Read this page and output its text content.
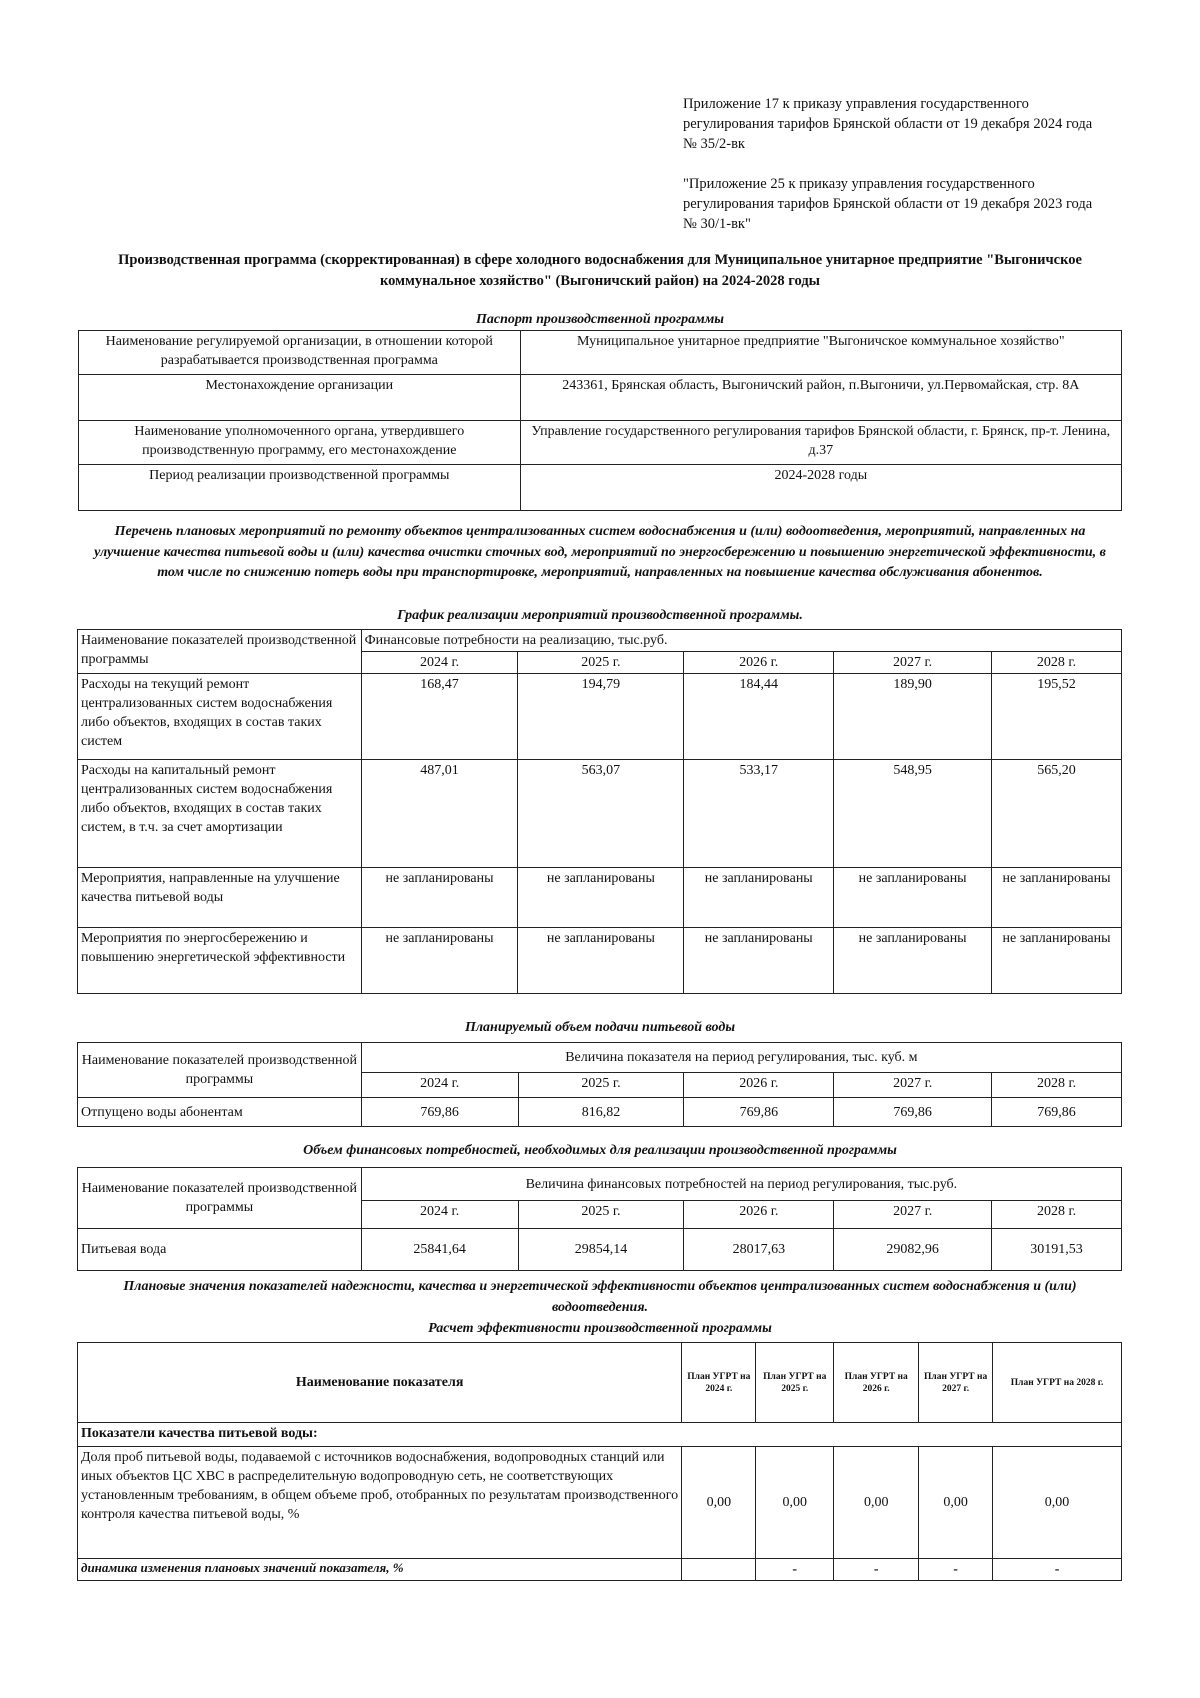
Приложение 17 к приказу управления государственного регулирования тарифов Брянской области от 19 декабря 2024 года № 35/2-вк
"Приложение 25 к приказу управления государственного регулирования тарифов Брянской области от 19 декабря 2023 года № 30/1-вк"
Производственная программа (скорректированная) в сфере холодного водоснабжения для Муниципальное унитарное предприятие "Выгоничское коммунальное хозяйство" (Выгоничский район) на 2024-2028 годы
Паспорт производственной программы
Наименование регулируемой организации, в отношении которой разрабатывается производственная программа	Муниципальное унитарное предприятие "Выгоничское коммунальное хозяйство"
Местонахождение организации	243361, Брянская область, Выгоничский район, п.Выгоничи, ул.Первомайская, стр. 8А
Наименование уполномоченного органа, утвердившего производственную программу, его местонахождение	Управление государственного регулирования тарифов Брянской области, г. Брянск, пр-т. Ленина, д.37
Период реализации производственной программы	2024-2028 годы
Перечень плановых мероприятий по ремонту объектов централизованных систем водоснабжения и (или) водоотведения, мероприятий, направленных на улучшение качества питьевой воды и (или) качества очистки сточных вод, мероприятий по энергосбережению и повышению энергетической эффективности, в том числе по снижению потерь воды при транспортировке, мероприятий, направленных на повышение качества обслуживания абонентов.
График реализации мероприятий производственной программы.
Наименование показателей производственной программы	Финансовые потребности на реализацию, тыс.руб.				
	2024 г.	2025 г.	2026 г.	2027 г.	2028 г.
Расходы на текущий ремонт централизованных систем водоснабжения либо объектов, входящих в состав таких систем	168,47	194,79	184,44	189,90	195,52
Расходы на капитальный ремонт централизованных систем водоснабжения либо объектов, входящих в состав таких систем, в т.ч. за счет амортизации	487,01	563,07	533,17	548,95	565,20
Мероприятия, направленные на улучшение качества питьевой воды	не запланированы	не запланированы	не запланированы	не запланированы	не запланированы
Мероприятия по энергосбережению и повышению энергетической эффективности	не запланированы	не запланированы	не запланированы	не запланированы	не запланированы
Планируемый объем подачи питьевой воды
Наименование показателей производственной программы	Величина показателя на период регулирования, тыс. куб. м				
	2024 г.	2025 г.	2026 г.	2027 г.	2028 г.
Отпущено воды абонентам	769,86	816,82	769,86	769,86	769,86
Объем финансовых потребностей, необходимых для реализации производственной программы
Наименование показателей производственной программы	Величина финансовых потребностей на период регулирования, тыс.руб.				
	2024 г.	2025 г.	2026 г.	2027 г.	2028 г.
Питьевая вода	25841,64	29854,14	28017,63	29082,96	30191,53
Плановые значения показателей надежности, качества и энергетической эффективности объектов централизованных систем водоснабжения и (или) водоотведения.
Расчет эффективности производственной программы
Наименование показателя	План УГРТ на 2024 г.	План УГРТ на 2025 г.	План УГРТ на 2026 г.	План УГРТ на 2027 г.	План УГРТ на 2028 г.
Показатели качества питьевой воды:					
Доля проб питьевой воды, подаваемой с источников водоснабжения, водопроводных станций или иных объектов ЦС ХВС в распределительную водопроводную сеть, не соответствующих установленным требованиям, в общем объеме проб, отобранных по результатам производственного контроля качества питьевой воды, %	0,00	0,00	0,00	0,00	0,00
динамика изменения плановых значений показателя, %		-	-	-	-
